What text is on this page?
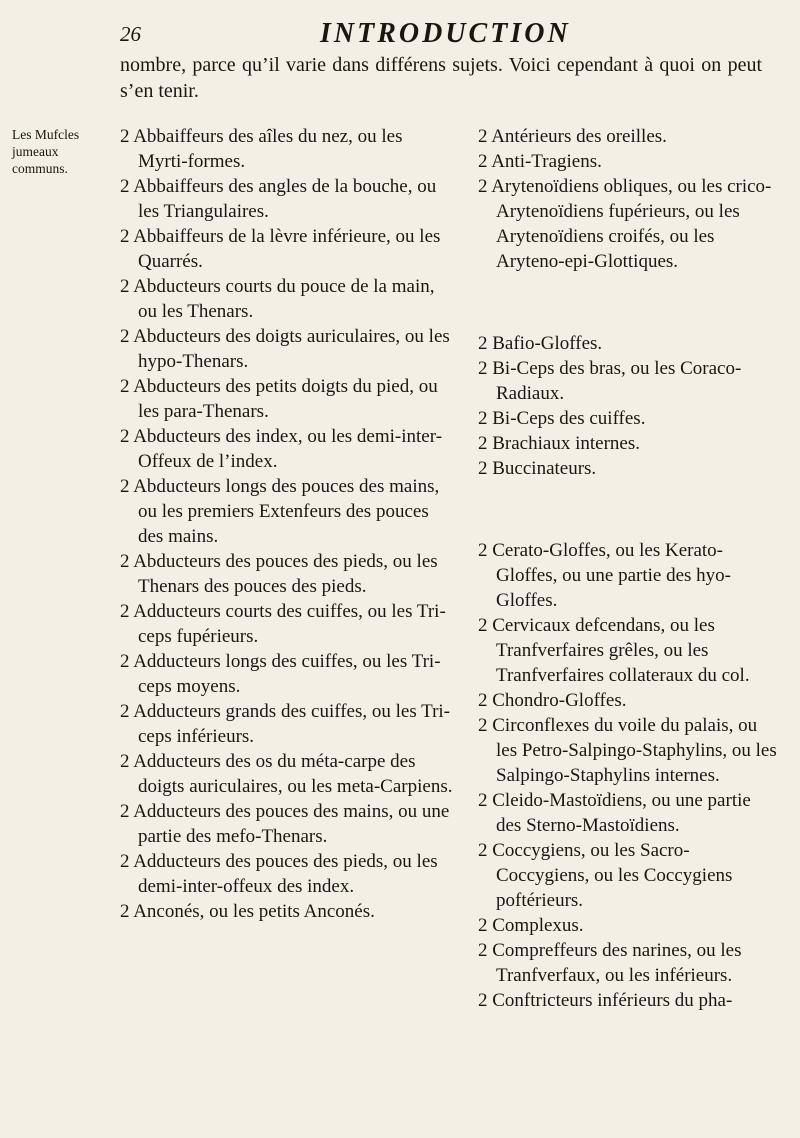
26	INTRODUCTION
nombre, parce qu’il varie dans différens sujets. Voici cependant à quoi on peut s’en tenir.
Les Mufcles jumeaux communs.

2 Abbaiffeurs des aîles du nez, ou les Myrti-formes.

2 Abbaiffeurs des angles de la bouche, ou les Triangulaires.

2 Abbaiffeurs de la lèvre inférieure, ou les Quarrés.

2 Abducteurs courts du pouce de la main, ou les Thenars.

2 Abducteurs des doigts auriculaires, ou les hypo-Thenars.

2 Abducteurs des petits doigts du pied, ou les para-Thenars.

2 Abducteurs des index, ou les demi-inter-Offeux de l’index.

2 Abducteurs longs des pouces des mains, ou les premiers Extenfeurs des pouces des mains.

2 Abducteurs des pouces des pieds, ou les Thenars des pouces des pieds.

2 Adducteurs courts des cuiffes, ou les Tri-ceps fupérieurs.

2 Adducteurs longs des cuiffes, ou les Tri-ceps moyens.

2 Adducteurs grands des cuiffes, ou les Tri-ceps inférieurs.

2 Adducteurs des os du méta-carpe des doigts auriculaires, ou les meta-Carpiens.

2 Adducteurs des pouces des mains, ou une partie des mefo-Thenars.

2 Adducteurs des pouces des pieds, ou les demi-inter-offeux des index.

2 Anconés, ou les petits Anconés.

2 Antérieurs des oreilles.

2 Anti-Tragiens.

2 Arytenoïdiens obliques, ou les crico-Arytenoïdiens fupérieurs, ou les Arytenoïdiens croifés, ou les Aryteno-epi-Glottiques.

2 Bafio-Gloffes.

2 Bi-Ceps des bras, ou les Coraco-Radiaux.

2 Bi-Ceps des cuiffes.

2 Brachiaux internes.

2 Buccinateurs.

2 Cerato-Gloffes, ou les Kerato-Gloffes, ou une partie des hyo-Gloffes.

2 Cervicaux defcendans, ou les Tranfverfaires grêles, ou les Tranfverfaires collateraux du col.

2 Chondro-Gloffes.

2 Circonflexes du voile du palais, ou les Petro-Salpingo-Staphylins, ou les Salpingo-Staphylins internes.

2 Cleido-Mastoïdiens, ou une partie des Sterno-Mastoïdiens.

2 Coccygiens, ou les Sacro-Coccygiens, ou les Coccygiens poftérieurs.

2 Complexus.

2 Compreffeurs des narines, ou les Tranfverfaux, ou les inférieurs.

2 Conftricteurs inférieurs du pha-
